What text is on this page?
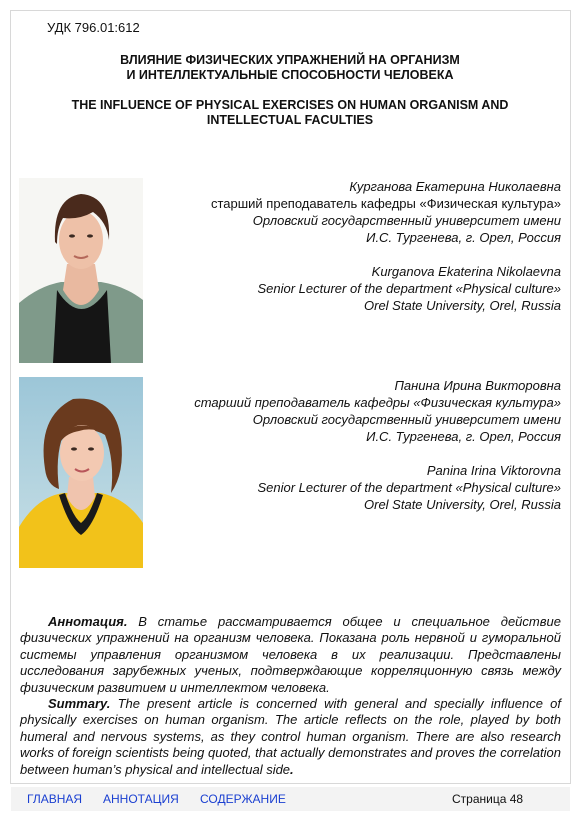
УДК 796.01:612
ВЛИЯНИЕ ФИЗИЧЕСКИХ УПРАЖНЕНИЙ НА ОРГАНИЗМ
И ИНТЕЛЛЕКТУАЛЬНЫЕ СПОСОБНОСТИ ЧЕЛОВЕКА
THE INFLUENCE OF PHYSICAL EXERCISES ON HUMAN ORGANISM AND
INTELLECTUAL FACULTIES

Курганова Екатерина Николаевна

старший преподаватель кафедры «Физическая культура»

Орловский государственный университет имени

И.С. Тургенева, г. Орел, Россия

Kurganova Ekaterina Nikolaevna

Senior Lecturer of the department «Physical culture»

Orel State University, Orel, Russia

Панина Ирина Викторовна

старший преподаватель кафедры «Физическая культура»

Орловский государственный университет имени

И.С. Тургенева, г. Орел, Россия

Panina Irina Viktorovna

Senior Lecturer of the department «Physical culture»

Orel State University, Orel, Russia

Аннотация. В статье рассматривается общее и специальное действие физических упражнений на организм человека. Показана роль нервной и гуморальной системы управления организмом человека в их реализации. Представлены исследования зарубежных ученых, подтверждающие корреляционную связь между физическим развитием и интеллектом человека.

Summary. The present article is concerned with general and specially influence of physically exercises on human organism. The article reflects on the role, played by both humeral and nervous systems, as they control human organism. There are also research works of foreign scientists being quoted, that actually demonstrates and proves the correlation between human’s physical and intellectual side.

ГЛАВНАЯ АННОТАЦИЯ СОДЕРЖАНИЕ	Страница 48
